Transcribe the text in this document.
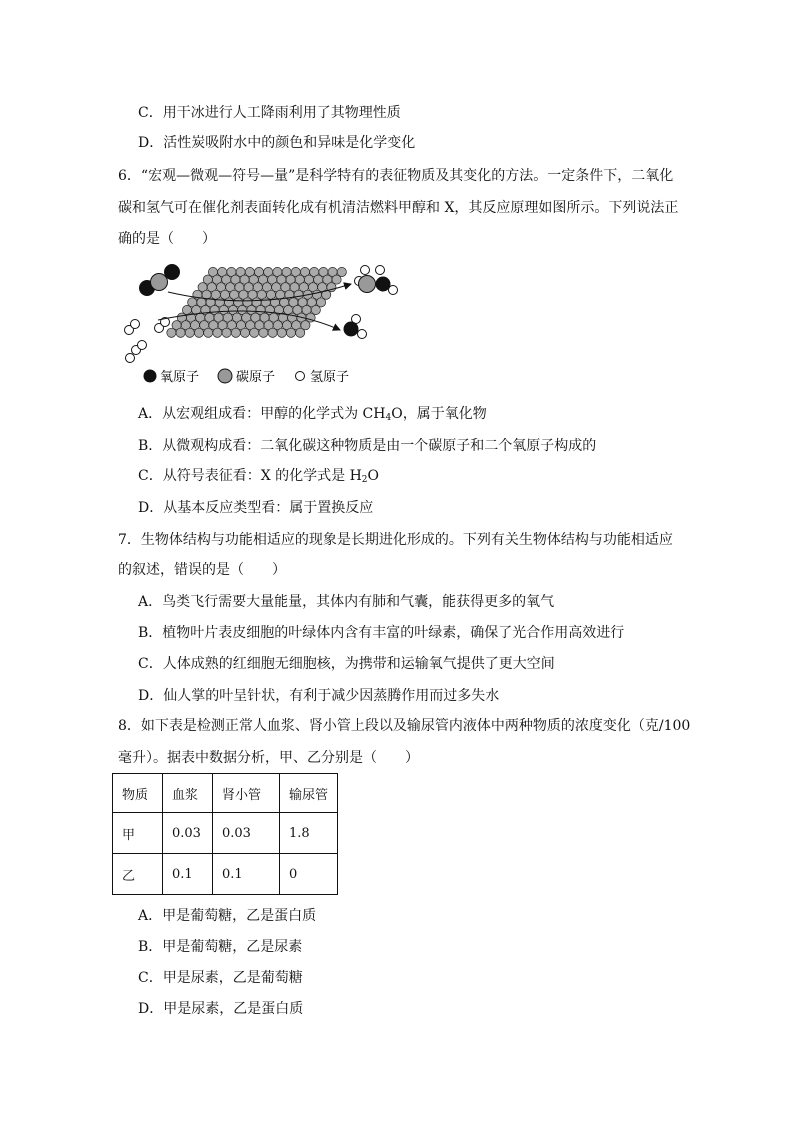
C．用干冰进行人工降雨利用了其物理性质
D．活性炭吸附水中的颜色和异味是化学变化
6．“宏观—微观—符号—量”是科学特有的表征物质及其变化的方法。一定条件下，二氧化
碳和氢气可在催化剂表面转化成有机清洁燃料甲醇和 X，其反应原理如图所示。下列说法正
确的是（　　）
氧原子	碳原子	氢原子
A．从宏观组成看：甲醇的化学式为 $CH_4O$，属于氧化物
B．从微观构成看：二氧化碳这种物质是由一个碳原子和二个氧原子构成的
C．从符号表征看：X 的化学式是 $H_2O$
D．从基本反应类型看：属于置换反应
7．生物体结构与功能相适应的现象是长期进化形成的。下列有关生物体结构与功能相适应
的叙述，错误的是（　　）
A．鸟类飞行需要大量能量，其体内有肺和气囊，能获得更多的氧气
B．植物叶片表皮细胞的叶绿体内含有丰富的叶绿素，确保了光合作用高效进行
C．人体成熟的红细胞无细胞核，为携带和运输氧气提供了更大空间
D．仙人掌的叶呈针状，有利于减少因蒸腾作用而过多失水
8．如下表是检测正常人血浆、肾小管上段以及输尿管内液体中两种物质的浓度变化（克/100
毫升）。据表中数据分析，甲、乙分别是（　　）
物质	血浆	肾小管	输尿管
甲	0.03	0.03	1.8
乙	0.1	0.1	0
A．甲是葡萄糖，乙是蛋白质
B．甲是葡萄糖，乙是尿素
C．甲是尿素，乙是葡萄糖
D．甲是尿素，乙是蛋白质
